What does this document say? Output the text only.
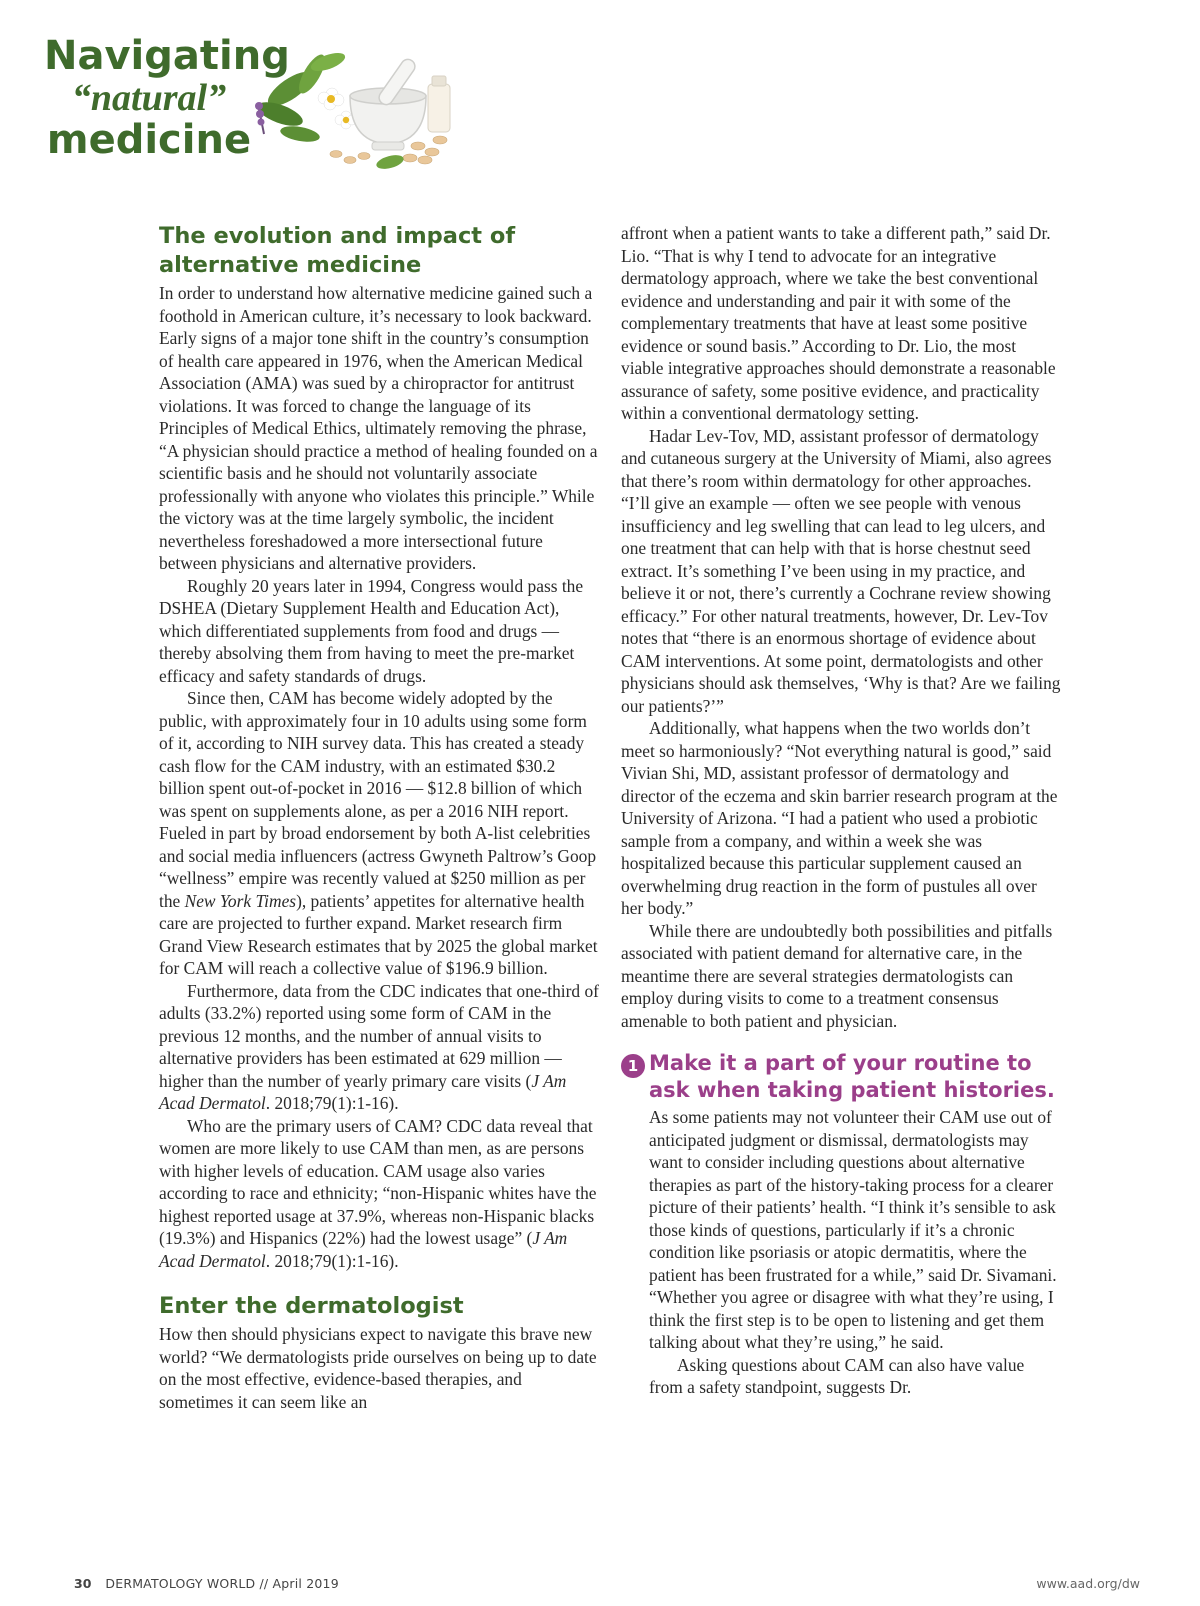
Navigating
“natural”
medicine
The evolution and impact of alternative medicine

In order to understand how alternative medicine gained such a foothold in American culture, it’s necessary to look backward. Early signs of a major tone shift in the country’s consumption of health care appeared in 1976, when the American Medical Association (AMA) was sued by a chiropractor for antitrust violations. It was forced to change the language of its Principles of Medical Ethics, ultimately removing the phrase, “A physician should practice a method of healing founded on a scientific basis and he should not voluntarily associate professionally with anyone who violates this principle.” While the victory was at the time largely symbolic, the incident nevertheless foreshadowed a more intersectional future between physicians and alternative providers.

Roughly 20 years later in 1994, Congress would pass the DSHEA (Dietary Supplement Health and Education Act), which differentiated supplements from food and drugs — thereby absolving them from having to meet the pre-market efficacy and safety standards of drugs.

Since then, CAM has become widely adopted by the public, with approximately four in 10 adults using some form of it, according to NIH survey data. This has created a steady cash flow for the CAM industry, with an estimated $30.2 billion spent out-of-pocket in 2016 — $12.8 billion of which was spent on supplements alone, as per a 2016 NIH report. Fueled in part by broad endorsement by both A-list celebrities and social media influencers (actress Gwyneth Paltrow’s Goop “wellness” empire was recently valued at $250 million as per the New York Times), patients’ appetites for alternative health care are projected to further expand. Market research firm Grand View Research estimates that by 2025 the global market for CAM will reach a collective value of $196.9 billion.

Furthermore, data from the CDC indicates that one-third of adults (33.2%) reported using some form of CAM in the previous 12 months, and the number of annual visits to alternative providers has been estimated at 629 million — higher than the number of yearly primary care visits (J Am Acad Dermatol. 2018;79(1):1-16).

Who are the primary users of CAM? CDC data reveal that women are more likely to use CAM than men, as are persons with higher levels of education. CAM usage also varies according to race and ethnicity; “non-Hispanic whites have the highest reported usage at 37.9%, whereas non-Hispanic blacks (19.3%) and Hispanics (22%) had the lowest usage” (J Am Acad Dermatol. 2018;79(1):1-16).

Enter the dermatologist

How then should physicians expect to navigate this brave new world? “We dermatologists pride ourselves on being up to date on the most effective, evidence-based therapies, and sometimes it can seem like an

affront when a patient wants to take a different path,” said Dr. Lio. “That is why I tend to advocate for an integrative dermatology approach, where we take the best conventional evidence and understanding and pair it with some of the complementary treatments that have at least some positive evidence or sound basis.” According to Dr. Lio, the most viable integrative approaches should demonstrate a reasonable assurance of safety, some positive evidence, and practicality within a conventional dermatology setting.

Hadar Lev-Tov, MD, assistant professor of dermatology and cutaneous surgery at the University of Miami, also agrees that there’s room within dermatology for other approaches. “I’ll give an example — often we see people with venous insufficiency and leg swelling that can lead to leg ulcers, and one treatment that can help with that is horse chestnut seed extract. It’s something I’ve been using in my practice, and believe it or not, there’s currently a Cochrane review showing efficacy.” For other natural treatments, however, Dr. Lev-Tov notes that “there is an enormous shortage of evidence about CAM interventions. At some point, dermatologists and other physicians should ask themselves, ‘Why is that? Are we failing our patients?’”

Additionally, what happens when the two worlds don’t meet so harmoniously? “Not everything natural is good,” said Vivian Shi, MD, assistant professor of dermatology and director of the eczema and skin barrier research program at the University of Arizona. “I had a patient who used a probiotic sample from a company, and within a week she was hospitalized because this particular supplement caused an overwhelming drug reaction in the form of pustules all over her body.”

While there are undoubtedly both possibilities and pitfalls associated with patient demand for alternative care, in the meantime there are several strategies dermatologists can employ during visits to come to a treatment consensus amenable to both patient and physician.

1 Make it a part of your routine to ask when taking patient histories.

As some patients may not volunteer their CAM use out of anticipated judgment or dismissal, dermatologists may want to consider including questions about alternative therapies as part of the history-taking process for a clearer picture of their patients’ health. “I think it’s sensible to ask those kinds of questions, particularly if it’s a chronic condition like psoriasis or atopic dermatitis, where the patient has been frustrated for a while,” said Dr. Sivamani. “Whether you agree or disagree with what they’re using, I think the first step is to be open to listening and get them talking about what they’re using,” he said.

Asking questions about CAM can also have value from a safety standpoint, suggests Dr.

30 DERMATOLOGY WORLD // April 2019	www.aad.org/dw
